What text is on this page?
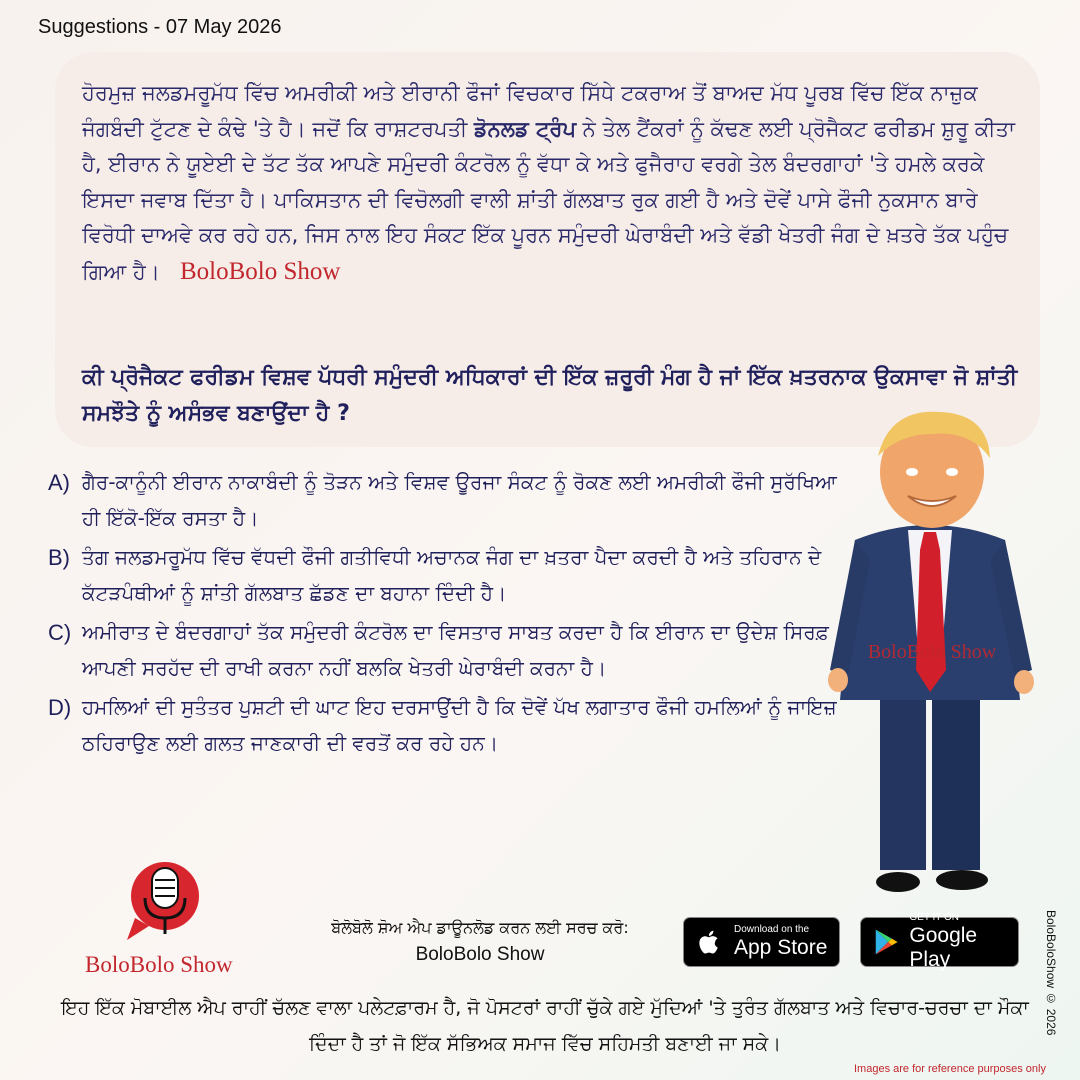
Suggestions - 07 May 2026
ਹੋਰਮੁਜ਼ ਜਲਡਮਰੂਮੱਧ ਵਿੱਚ ਅਮਰੀਕੀ ਅਤੇ ਈਰਾਨੀ ਫੌਜਾਂ ਵਿਚਕਾਰ ਸਿੱਧੇ ਟਕਰਾਅ ਤੋਂ ਬਾਅਦ ਮੱਧ ਪੂਰਬ ਵਿੱਚ ਇੱਕ ਨਾਜ਼ੁਕ ਜੰਗਬੰਦੀ ਟੁੱਟਣ ਦੇ ਕੰਢੇ 'ਤੇ ਹੈ। ਜਦੋਂ ਕਿ ਰਾਸ਼ਟਰਪਤੀ ਡੋਨਲਡ ਟ੍ਰੰਪ ਨੇ ਤੇਲ ਟੈਂਕਰਾਂ ਨੂੰ ਕੱਢਣ ਲਈ ਪ੍ਰੋਜੈਕਟ ਫਰੀਡਮ ਸ਼ੁਰੂ ਕੀਤਾ ਹੈ, ਈਰਾਨ ਨੇ ਯੂਏਈ ਦੇ ਤੱਟ ਤੱਕ ਆਪਣੇ ਸਮੁੰਦਰੀ ਕੰਟਰੋਲ ਨੂੰ ਵੱਧਾ ਕੇ ਅਤੇ ਫੁਜੈਰਾਹ ਵਰਗੇ ਤੇਲ ਬੰਦਰਗਾਹਾਂ 'ਤੇ ਹਮਲੇ ਕਰਕੇ ਇਸਦਾ ਜਵਾਬ ਦਿੱਤਾ ਹੈ। ਪਾਕਿਸਤਾਨ ਦੀ ਵਿਚੋਲਗੀ ਵਾਲੀ ਸ਼ਾਂਤੀ ਗੱਲਬਾਤ ਰੁਕ ਗਈ ਹੈ ਅਤੇ ਦੋਵੇਂ ਪਾਸੇ ਫੌਜੀ ਨੁਕਸਾਨ ਬਾਰੇ ਵਿਰੋਧੀ ਦਾਅਵੇ ਕਰ ਰਹੇ ਹਨ, ਜਿਸ ਨਾਲ ਇਹ ਸੰਕਟ ਇੱਕ ਪੂਰਨ ਸਮੁੰਦਰੀ ਘੇਰਾਬੰਦੀ ਅਤੇ ਵੱਡੀ ਖੇਤਰੀ ਜੰਗ ਦੇ ਖ਼ਤਰੇ ਤੱਕ ਪਹੁੰਚ ਗਿਆ ਹੈ। BoloBolo Show
ਕੀ ਪ੍ਰੋਜੈਕਟ ਫਰੀਡਮ ਵਿਸ਼ਵ ਪੱਧਰੀ ਸਮੁੰਦਰੀ ਅਧਿਕਾਰਾਂ ਦੀ ਇੱਕ ਜ਼ਰੂਰੀ ਮੰਗ ਹੈ ਜਾਂ ਇੱਕ ਖ਼ਤਰਨਾਕ ਉਕਸਾਵਾ ਜੋ ਸ਼ਾਂਤੀ ਸਮਝੌਤੇ ਨੂੰ ਅਸੰਭਵ ਬਣਾਉਂਦਾ ਹੈ ?
A) ਗੈਰ-ਕਾਨੂੰਨੀ ਈਰਾਨ ਨਾਕਾਬੰਦੀ ਨੂੰ ਤੋੜਨ ਅਤੇ ਵਿਸ਼ਵ ਊਰਜਾ ਸੰਕਟ ਨੂੰ ਰੋਕਣ ਲਈ ਅਮਰੀਕੀ ਫੌਜੀ ਸੁਰੱਖਿਆ ਹੀ ਇੱਕੋ-ਇੱਕ ਰਸਤਾ ਹੈ।
B) ਤੰਗ ਜਲਡਮਰੂਮੱਧ ਵਿੱਚ ਵੱਧਦੀ ਫੌਜੀ ਗਤੀਵਿਧੀ ਅਚਾਨਕ ਜੰਗ ਦਾ ਖ਼ਤਰਾ ਪੈਦਾ ਕਰਦੀ ਹੈ ਅਤੇ ਤਹਿਰਾਨ ਦੇ ਕੱਟੜਪੰਥੀਆਂ ਨੂੰ ਸ਼ਾਂਤੀ ਗੱਲਬਾਤ ਛੱਡਣ ਦਾ ਬਹਾਨਾ ਦਿੰਦੀ ਹੈ।
C) ਅਮੀਰਾਤ ਦੇ ਬੰਦਰਗਾਹਾਂ ਤੱਕ ਸਮੁੰਦਰੀ ਕੰਟਰੋਲ ਦਾ ਵਿਸਤਾਰ ਸਾਬਤ ਕਰਦਾ ਹੈ ਕਿ ਈਰਾਨ ਦਾ ਉਦੇਸ਼ ਸਿਰਫ਼ ਆਪਣੀ ਸਰਹੱਦ ਦੀ ਰਾਖੀ ਕਰਨਾ ਨਹੀਂ ਬਲਕਿ ਖੇਤਰੀ ਘੇਰਾਬੰਦੀ ਕਰਨਾ ਹੈ।
D) ਹਮਲਿਆਂ ਦੀ ਸੁਤੰਤਰ ਪੁਸ਼ਟੀ ਦੀ ਘਾਟ ਇਹ ਦਰਸਾਉਂਦੀ ਹੈ ਕਿ ਦੋਵੇਂ ਪੱਖ ਲਗਾਤਾਰ ਫੌਜੀ ਹਮਲਿਆਂ ਨੂੰ ਜਾਇਜ਼ ਠਹਿਰਾਉਣ ਲਈ ਗਲਤ ਜਾਣਕਾਰੀ ਦੀ ਵਰਤੋਂ ਕਰ ਰਹੇ ਹਨ।
BoloBolo Show
BoloBolo Show
ਬੋਲੋਬੋਲੋ ਸ਼ੋਅ ਐਪ ਡਾਊਨਲੋਡ ਕਰਨ ਲਈ ਸਰਚ ਕਰੋ:
BoloBolo Show
Download on the
App Store
GET IT ON
Google Play
ਇਹ ਇੱਕ ਮੋਬਾਈਲ ਐਪ ਰਾਹੀਂ ਚੱਲਣ ਵਾਲਾ ਪਲੇਟਫ਼ਾਰਮ ਹੈ, ਜੋ ਪੋਸਟਰਾਂ ਰਾਹੀਂ ਚੁੱਕੇ ਗਏ ਮੁੱਦਿਆਂ 'ਤੇ ਤੁਰੰਤ ਗੱਲਬਾਤ ਅਤੇ ਵਿਚਾਰ-ਚਰਚਾ ਦਾ ਮੌਕਾ ਦਿੰਦਾ ਹੈ ਤਾਂ ਜੋ ਇੱਕ ਸੱਭਿਅਕ ਸਮਾਜ ਵਿੱਚ ਸਹਿਮਤੀ ਬਣਾਈ ਜਾ ਸਕੇ।
BoloBoloShow © 2026
Images are for reference purposes only
